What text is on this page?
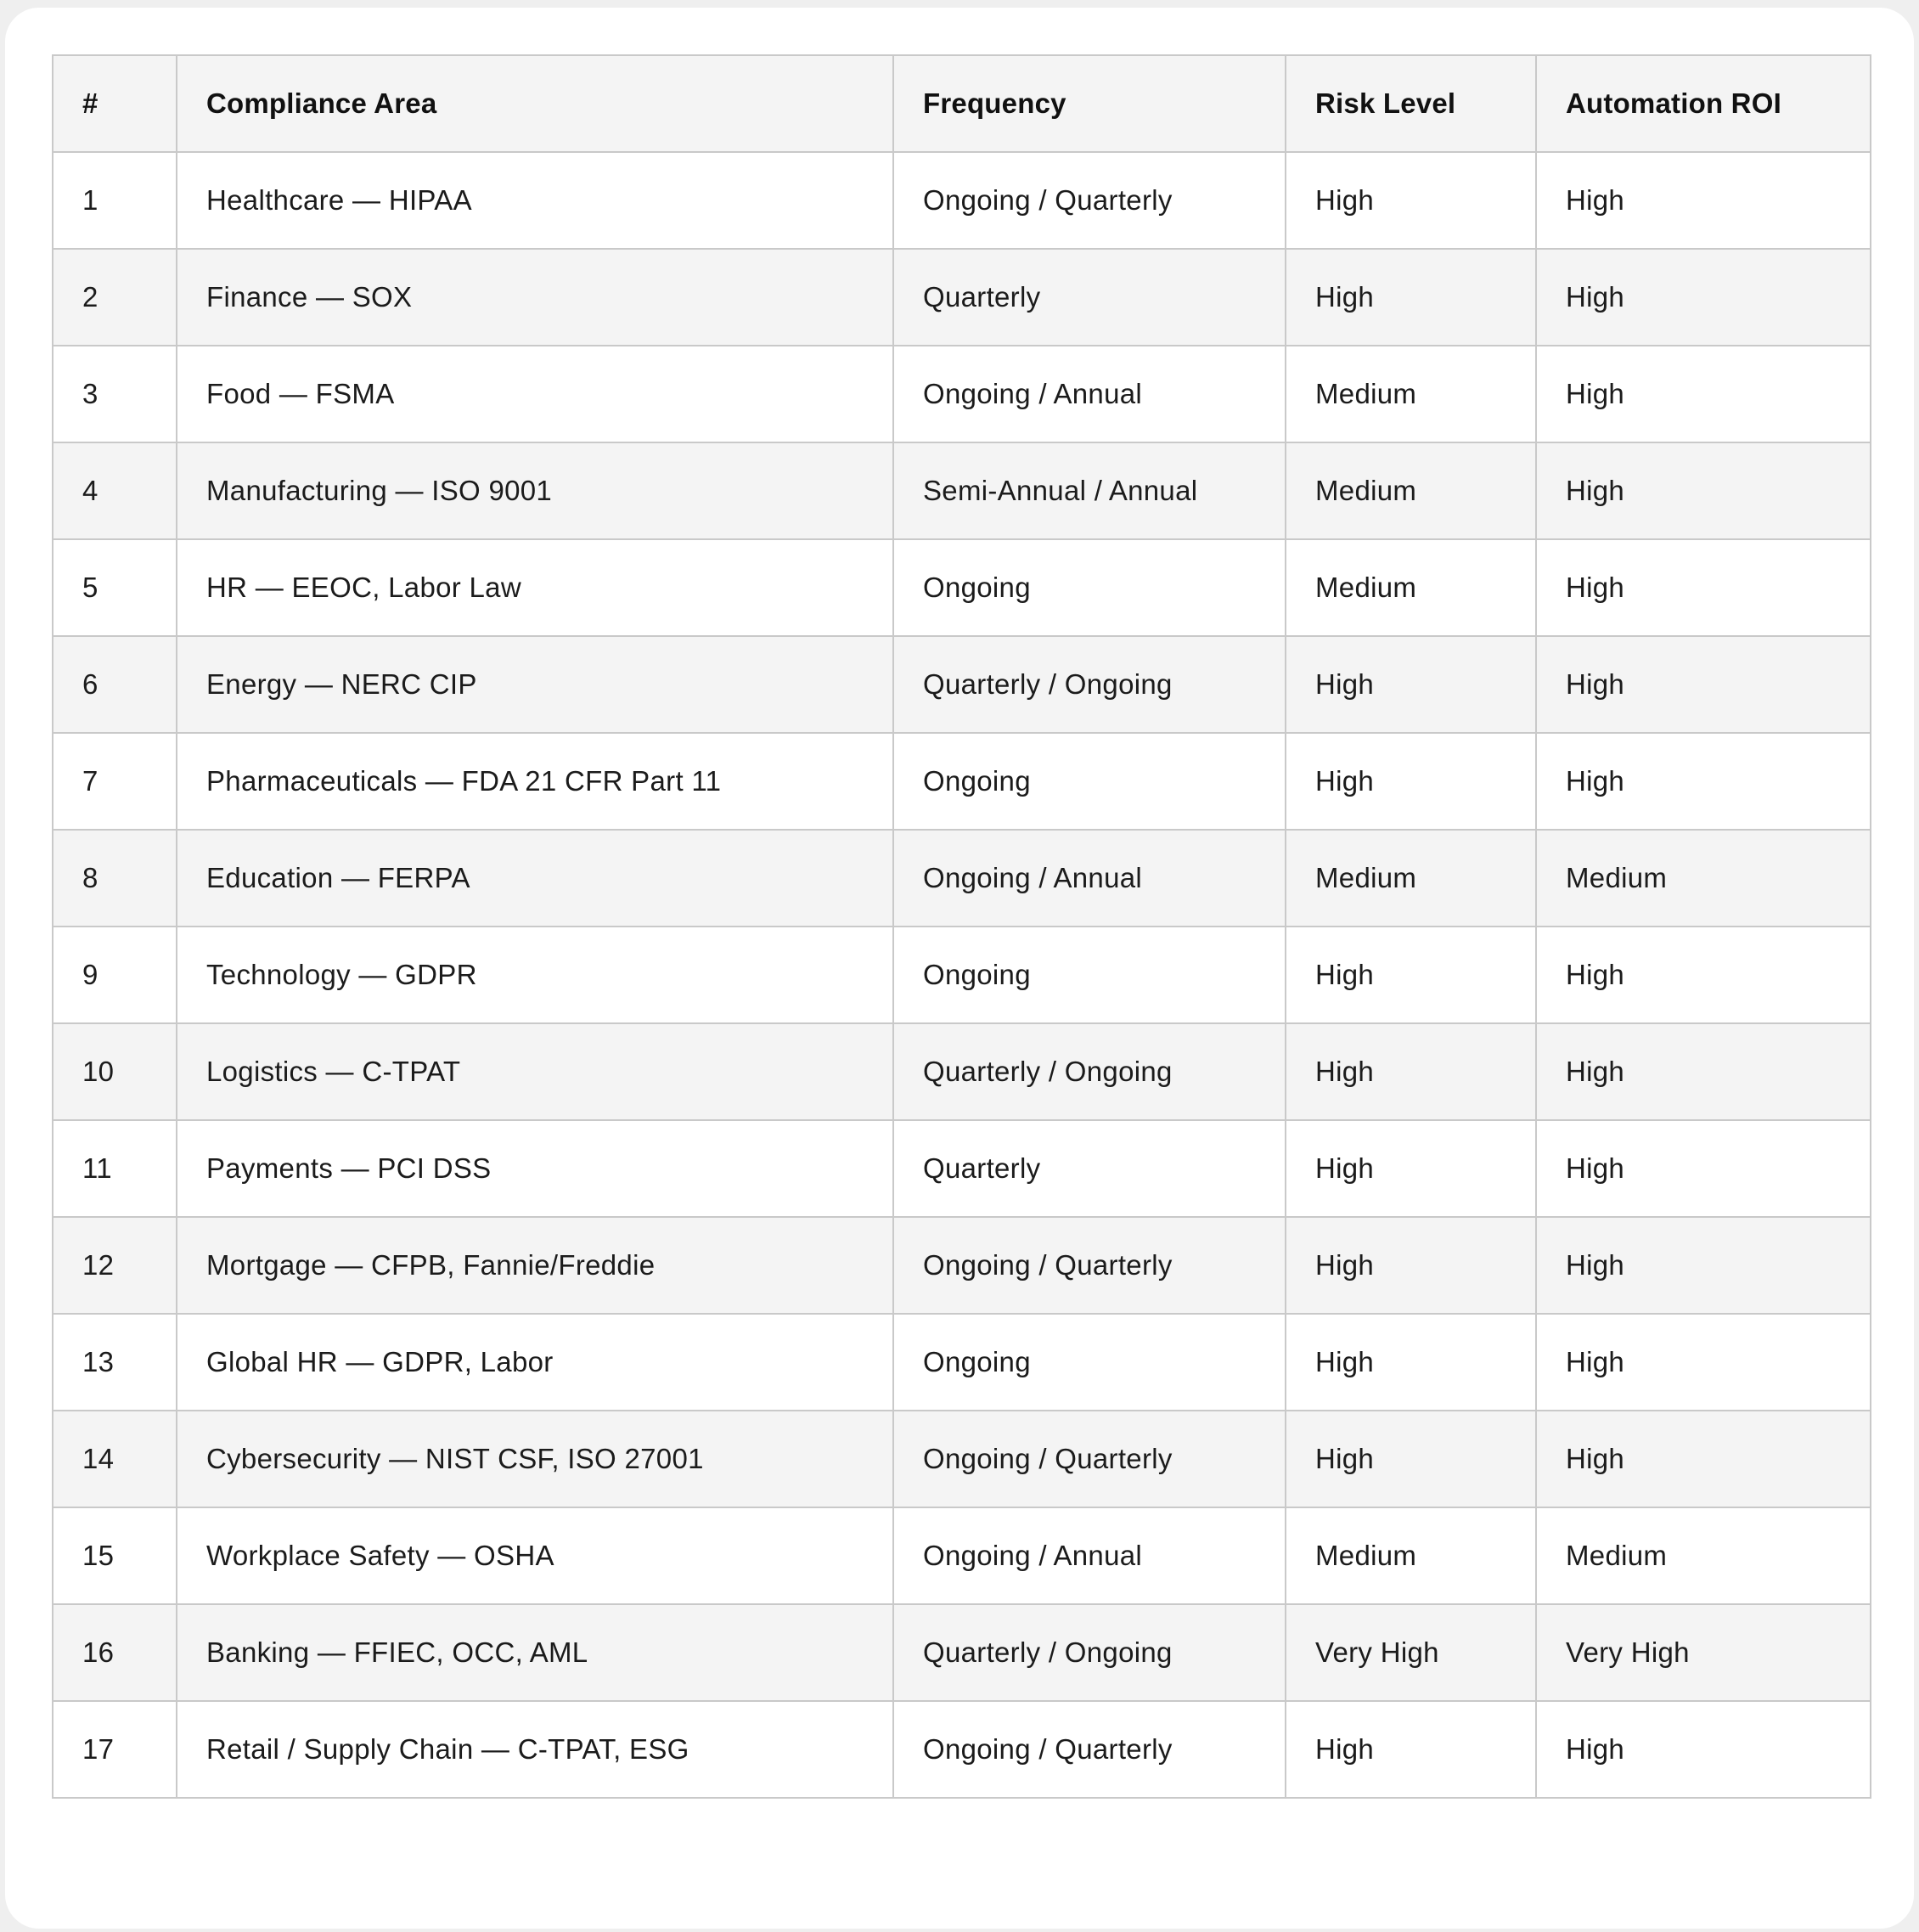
#	Compliance Area	Frequency	Risk Level	Automation ROI
1	Healthcare — HIPAA	Ongoing / Quarterly	High	High
2	Finance — SOX	Quarterly	High	High
3	Food — FSMA	Ongoing / Annual	Medium	High
4	Manufacturing — ISO 9001	Semi-Annual / Annual	Medium	High
5	HR — EEOC, Labor Law	Ongoing	Medium	High
6	Energy — NERC CIP	Quarterly / Ongoing	High	High
7	Pharmaceuticals — FDA 21 CFR Part 11	Ongoing	High	High
8	Education — FERPA	Ongoing / Annual	Medium	Medium
9	Technology — GDPR	Ongoing	High	High
10	Logistics — C-TPAT	Quarterly / Ongoing	High	High
11	Payments — PCI DSS	Quarterly	High	High
12	Mortgage — CFPB, Fannie/Freddie	Ongoing / Quarterly	High	High
13	Global HR — GDPR, Labor	Ongoing	High	High
14	Cybersecurity — NIST CSF, ISO 27001	Ongoing / Quarterly	High	High
15	Workplace Safety — OSHA	Ongoing / Annual	Medium	Medium
16	Banking — FFIEC, OCC, AML	Quarterly / Ongoing	Very High	Very High
17	Retail / Supply Chain — C-TPAT, ESG	Ongoing / Quarterly	High	High
